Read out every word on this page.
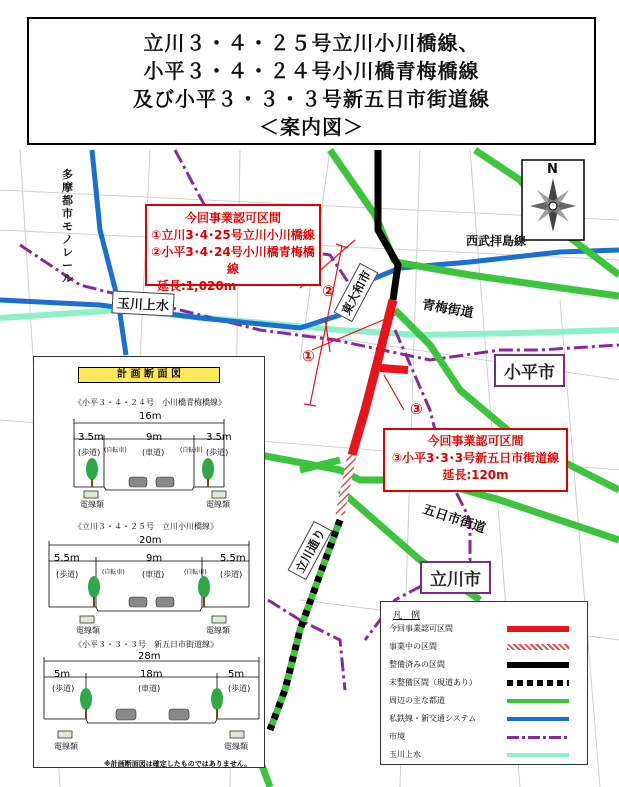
立川３・４・２５号立川小川橋線、
小平３・４・２４号小川橋青梅橋線
及び小平３・３・３号新五日市街道線
＜案内図＞
N
多摩都市モノレール
玉川上水	東大和市
西武拝島線
青梅街道
小平市
五日市街道
立川通り
立川市
①
②
③
今回事業認可区間
①立川3･4･25号立川小川橋線
②小平3･4･24号小川橋青梅橋線
延長:1,020m
今回事業認可区間
③小平3･3･3号新五日市街道線
延長:120m
計 画 断 面 図
《小平３・４・２４号　小川橋青梅橋線》
16m
3.5m	9m	3.5m
(歩道)	(車道)	(歩道)
(自転車)	(自転車)
電線類	電線類
《立川３・４・２５号　立川小川橋線》
20m
5.5m	9m	5.5m
(歩道)	(車道)	(歩道)
(自転車)	(自転車)
電線類	電線類
《小平３・３・３号　新五日市街道線》
28m
5m	18m	5m
(歩道)	(車道)	(歩道)
電線類	電線類
※計画断面図は確定したものではありません。
凡　例
今回事業認可区間
事業中の区間
整備済みの区間
未整備区間（現道あり）
周辺の主な都道
私鉄線・新交通システム
市境
玉川上水
